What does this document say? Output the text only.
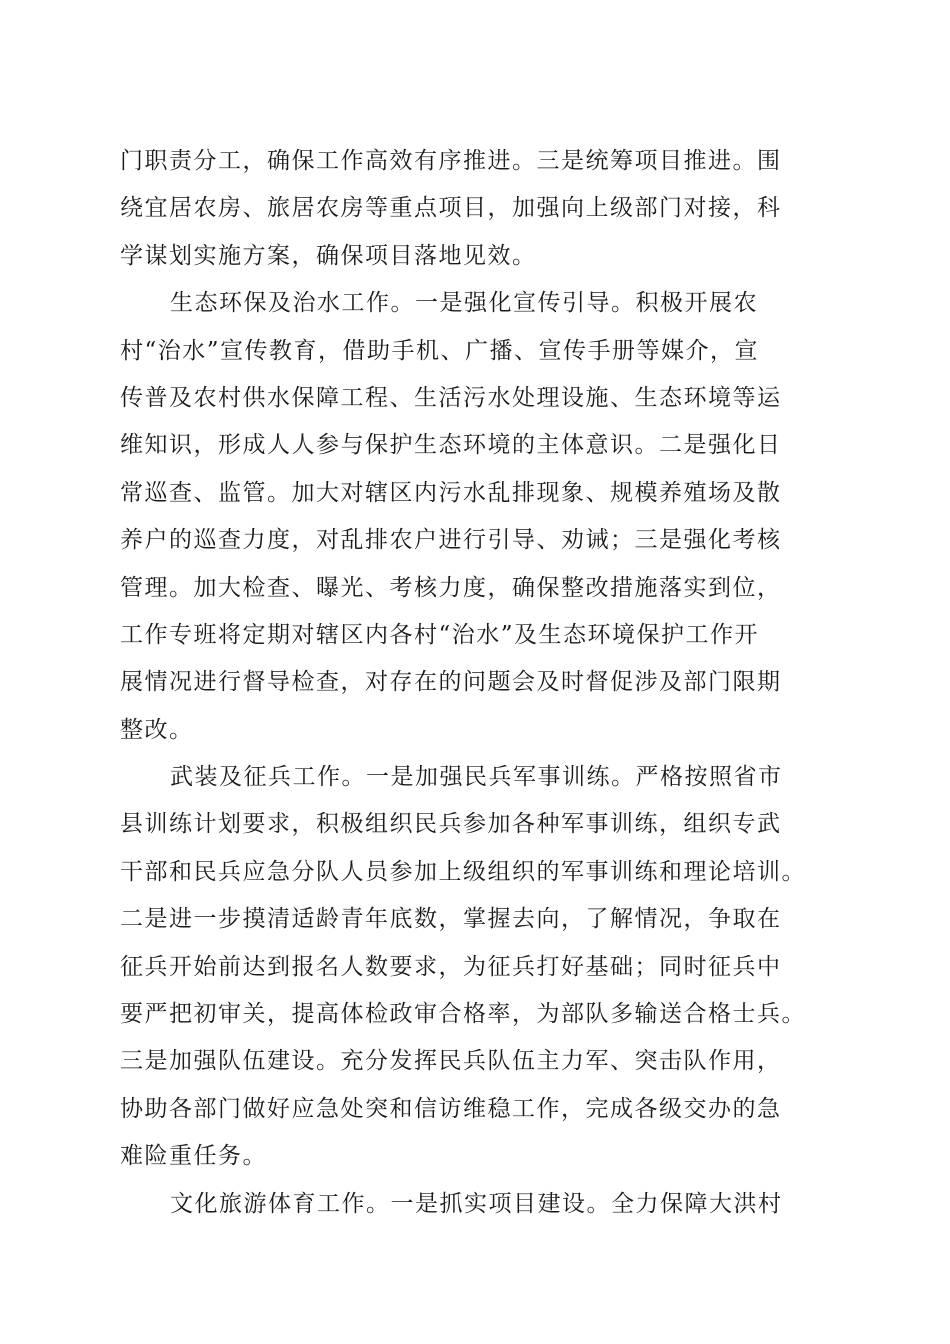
门职责分工，确保工作高效有序推进。三是统筹项目推进。围
绕宜居农房、旅居农房等重点项目，加强向上级部门对接，科
学谋划实施方案，确保项目落地见效。
生态环保及治水工作。一是强化宣传引导。积极开展农
村“治水”宣传教育，借助手机、广播、宣传手册等媒介，宣
传普及农村供水保障工程、生活污水处理设施、生态环境等运
维知识，形成人人参与保护生态环境的主体意识。二是强化日
常巡查、监管。加大对辖区内污水乱排现象、规模养殖场及散
养户的巡查力度，对乱排农户进行引导、劝诫；三是强化考核
管理。加大检查、曝光、考核力度，确保整改措施落实到位，
工作专班将定期对辖区内各村“治水”及生态环境保护工作开
展情况进行督导检查，对存在的问题会及时督促涉及部门限期
整改。
武装及征兵工作。一是加强民兵军事训练。严格按照省市
县训练计划要求，积极组织民兵参加各种军事训练，组织专武
干部和民兵应急分队人员参加上级组织的军事训练和理论培训。
二是进一步摸清适龄青年底数，掌握去向，了解情况，争取在
征兵开始前达到报名人数要求，为征兵打好基础；同时征兵中
要严把初审关，提高体检政审合格率，为部队多输送合格士兵。
三是加强队伍建设。充分发挥民兵队伍主力军、突击队作用，
协助各部门做好应急处突和信访维稳工作，完成各级交办的急
难险重任务。
文化旅游体育工作。一是抓实项目建设。全力保障大洪村
